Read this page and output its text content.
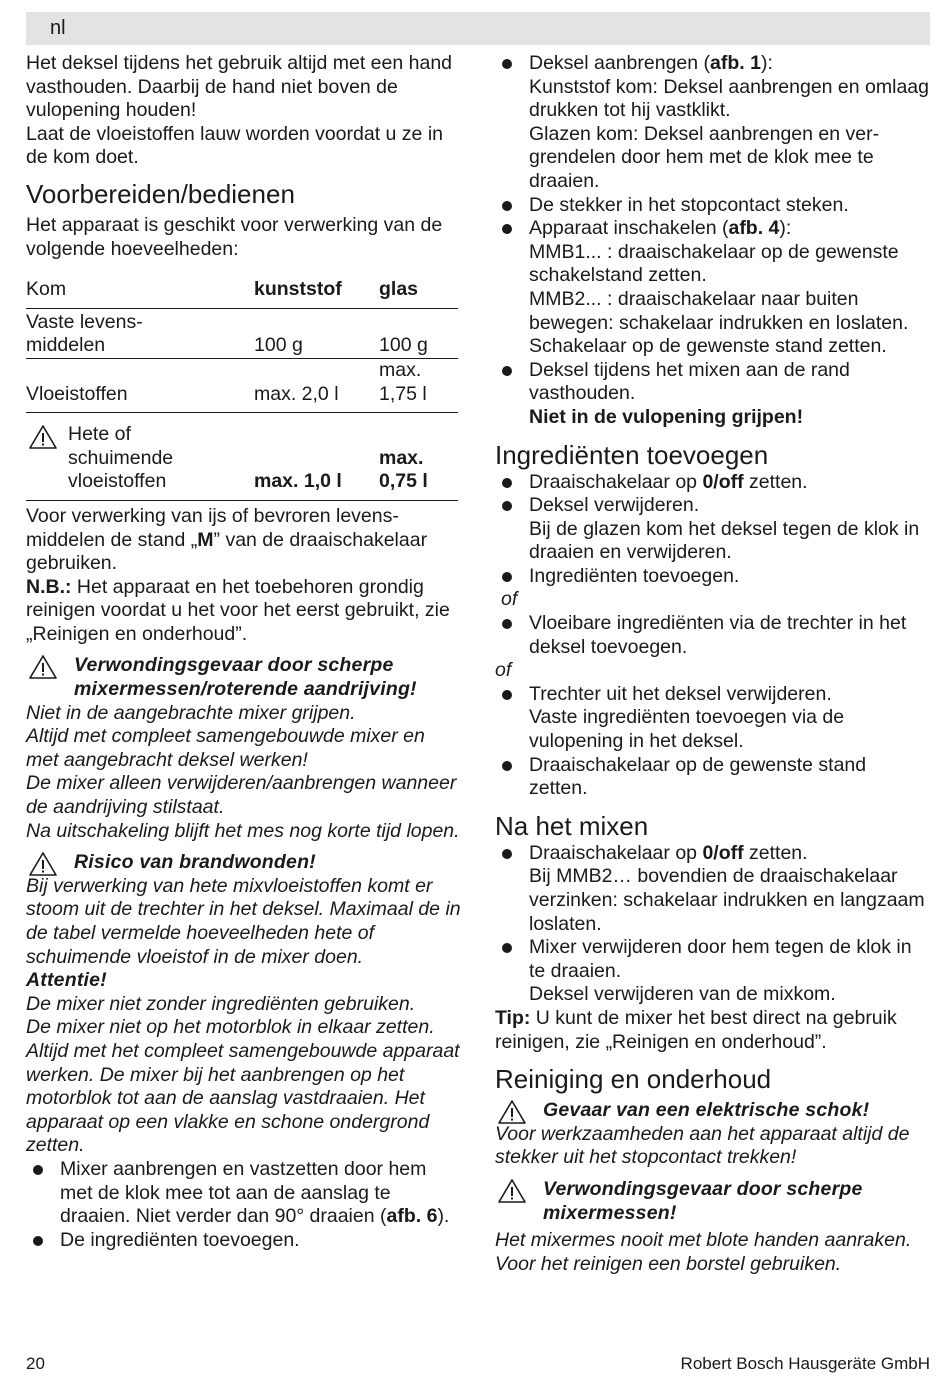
nl

Het deksel tijdens het gebruik altijd met een hand vasthouden. Daarbij de hand niet boven de vulopening houden!

Laat de vloeistoffen lauw worden voordat u ze in de kom doet.

Voorbereiden/bedienen

Het apparaat is geschikt voor verwerking van de volgende hoeveelheden:

Kom	kunststof	glas
Vaste levens-middelen	100 g	100 g
Vloeistoffen	max. 2,0 l	max. 1,75 l

Hete of schuimende vloeistoffen	max. 1,0 l	max. 0,75 l

Voor verwerking van ijs of bevroren levens-middelen de stand „M” van de draaischakelaar gebruiken.

N.B.: Het apparaat en het toebehoren grondig reinigen voordat u het voor het eerst gebruikt, zie „Reinigen en onderhoud”.

Verwondingsgevaar door scherpe mixermessen/roterende aandrijving!

Niet in de aangebrachte mixer grijpen.

Altijd met compleet samengebouwde mixer en met aangebracht deksel werken!

De mixer alleen verwijderen/aanbrengen wanneer de aandrijving stilstaat.

Na uitschakeling blijft het mes nog korte tijd lopen.

Risico van brandwonden!

Bij verwerking van hete mixvloeistoffen komt er stoom uit de trechter in het deksel. Maximaal de in de tabel vermelde hoeveelheden hete of schuimende vloeistof in de mixer doen.

Attentie!

De mixer niet zonder ingrediënten gebruiken.

De mixer niet op het motorblok in elkaar zetten.

Altijd met het compleet samengebouwde apparaat werken. De mixer bij het aanbrengen op het motorblok tot aan de aanslag vastdraaien. Het apparaat op een vlakke en schone ondergrond zetten.

Mixer aanbrengen en vastzetten door hem met de klok mee tot aan de aanslag te draaien. Niet verder dan 90° draaien (afb. 6).

De ingrediënten toevoegen.

Deksel aanbrengen (afb. 1):

Kunststof kom: Deksel aanbrengen en omlaag drukken tot hij vastklikt.

Glazen kom: Deksel aanbrengen en ver-grendelen door hem met de klok mee te draaien.

De stekker in het stopcontact steken.

Apparaat inschakelen (afb. 4):

MMB1... : draaischakelaar op de gewenste schakelstand zetten.

MMB2... : draaischakelaar naar buiten bewegen: schakelaar indrukken en loslaten. Schakelaar op de gewenste stand zetten.

Deksel tijdens het mixen aan de rand vasthouden.

Niet in de vulopening grijpen!

Ingrediënten toevoegen

Draaischakelaar op 0/off zetten.

Deksel verwijderen.

Bij de glazen kom het deksel tegen de klok in draaien en verwijderen.

Ingrediënten toevoegen.

of

Vloeibare ingrediënten via de trechter in het deksel toevoegen.

of

Trechter uit het deksel verwijderen.

Vaste ingrediënten toevoegen via de vulopening in het deksel.

Draaischakelaar op de gewenste stand zetten.

Na het mixen

Draaischakelaar op 0/off zetten.

Bij MMB2… bovendien de draaischakelaar verzinken: schakelaar indrukken en langzaam loslaten.

Mixer verwijderen door hem tegen de klok in te draaien.

Deksel verwijderen van de mixkom.

Tip: U kunt de mixer het best direct na gebruik reinigen, zie „Reinigen en onderhoud”.

Reiniging en onderhoud
Gevaar van een elektrische schok!

Voor werkzaamheden aan het apparaat altijd de stekker uit het stopcontact trekken!

Verwondingsgevaar door scherpe mixermessen!

Het mixermes nooit met blote handen aanraken. Voor het reinigen een borstel gebruiken.

20	Robert Bosch Hausgeräte GmbH
